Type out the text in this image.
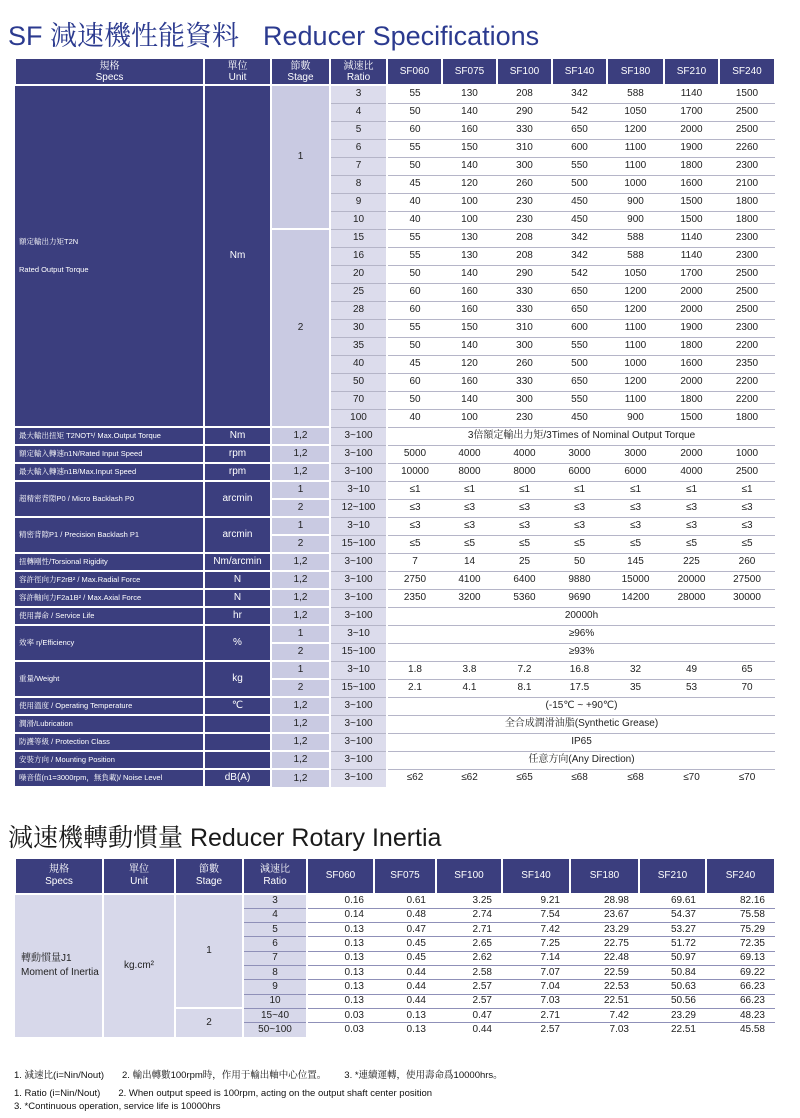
SF 減速機性能資料 Reducer Specifications
規格
Specs	單位
Unit	節數
Stage	減速比
Ratio	SF060	SF075	SF100	SF140	SF180	SF210	SF240
額定輸出力矩T2N

Rated Output Torque	Nm	1	3	55	130	208	342	588	1140	1500
			4	50	140	290	542	1050	1700	2500
			5	60	160	330	650	1200	2000	2500
			6	55	150	310	600	1100	1900	2260
			7	50	140	300	550	1100	1800	2300
			8	45	120	260	500	1000	1600	2100
			9	40	100	230	450	900	1500	1800
			10	40	100	230	450	900	1500	1800
		2	15	55	130	208	342	588	1140	2300
			16	55	130	208	342	588	1140	2300
			20	50	140	290	542	1050	1700	2500
			25	60	160	330	650	1200	2000	2500
			28	60	160	330	650	1200	2000	2500
			30	55	150	310	600	1100	1900	2300
			35	50	140	300	550	1100	1800	2200
			40	45	120	260	500	1000	1600	2350
			50	60	160	330	650	1200	2000	2200
			70	50	140	300	550	1100	1800	2200
			100	40	100	230	450	900	1500	1800
最大輸出扭矩 T2NOT¹/ Max.Output Torque	Nm	1,2	3~100	3倍額定輸出力矩/3Times of Nominal Output Torque						
額定輸入轉速n1N/Rated Input Speed	rpm	1,2	3~100	5000	4000	4000	3000	3000	2000	1000
最大輸入轉速n1B/Max.Input Speed	rpm	1,2	3~100	10000	8000	8000	6000	6000	4000	2500
超精密背隙P0 / Micro Backlash P0	arcmin	1	3~10	≤1	≤1	≤1	≤1	≤1	≤1	≤1
		2	12~100	≤3	≤3	≤3	≤3	≤3	≤3	≤3
精密背隙P1 / Precision Backlash P1	arcmin	1	3~10	≤3	≤3	≤3	≤3	≤3	≤3	≤3
		2	15~100	≤5	≤5	≤5	≤5	≤5	≤5	≤5
扭轉剛性/Torsional Rigidity	Nm/arcmin	1,2	3~100	7	14	25	50	145	225	260
容許徑向力F2rB² / Max.Radial Force	N	1,2	3~100	2750	4100	6400	9880	15000	20000	27500
容許軸向力F2a1B² / Max.Axial Force	N	1,2	3~100	2350	3200	5360	9690	14200	28000	30000
使用壽命 / Service Life	hr	1,2	3~100	20000h						
效率 η/Efficiency	%	1	3~10	≥96%						
		2	15~100	≥93%						
重量/Weight	kg	1	3~10	1.8	3.8	7.2	16.8	32	49	65
		2	15~100	2.1	4.1	8.1	17.5	35	53	70
使用溫度 / Operating Temperature	℃	1,2	3~100	(-15℃ ~ +90℃)						
潤滑/Lubrication		1,2	3~100	全合成潤滑油脂(Synthetic Grease)						
防護等級 / Protection Class		1,2	3~100	IP65						
安裝方向 / Mounting Position		1,2	3~100	任意方向(Any Direction)						
噪音值(n1=3000rpm，無負載)/ Noise Level	dB(A)	1,2	3~100	≤62	≤62	≤65	≤68	≤68	≤70	≤70
減速機轉動慣量 Reducer Rotary Inertia
規格
Specs	單位
Unit	節數
Stage	減速比
Ratio	SF060	SF075	SF100	SF140	SF180	SF210	SF240
轉動慣量J1
Moment of Inertia	kg.cm²	1	3	0.16	0.61	3.25	9.21	28.98	69.61	82.16
			4	0.14	0.48	2.74	7.54	23.67	54.37	75.58
			5	0.13	0.47	2.71	7.42	23.29	53.27	75.29
			6	0.13	0.45	2.65	7.25	22.75	51.72	72.35
			7	0.13	0.45	2.62	7.14	22.48	50.97	69.13
			8	0.13	0.44	2.58	7.07	22.59	50.84	69.22
			9	0.13	0.44	2.57	7.04	22.53	50.63	66.23
			10	0.13	0.44	2.57	7.03	22.51	50.56	66.23
		2	15~40	0.03	0.13	0.47	2.71	7.42	23.29	48.23
			50~100	0.03	0.13	0.44	2.57	7.03	22.51	45.58
1. 減速比(i=Nin/Nout) 2. 輸出轉數100rpm時，作用于輸出軸中心位置。 3. *連續運轉，使用壽命爲10000hrs。
1. Ratio (i=Nin/Nout) 2. When output speed is 100rpm, acting on the output shaft center position
3. *Continuous operation, service life is 10000hrs
